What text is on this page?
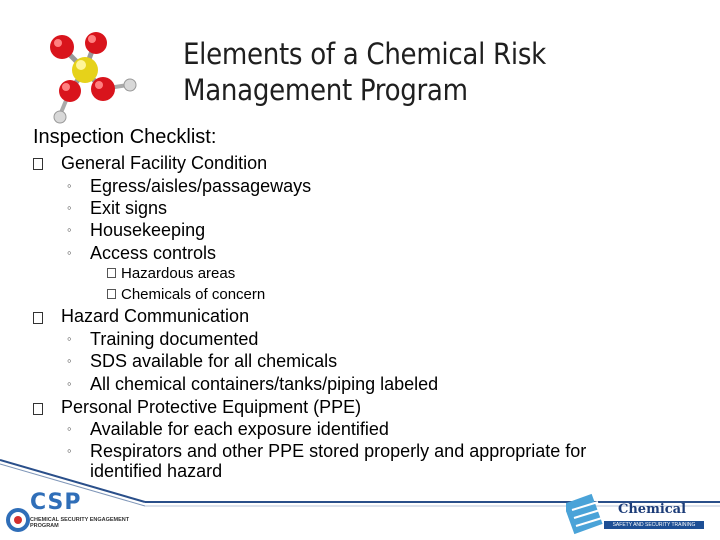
Elements of a Chemical Risk Management Program
Inspection Checklist:
General Facility Condition
◦ Egress/aisles/passageways
◦ Exit signs
◦ Housekeeping
◦ Access controls
Hazardous areas
Chemicals of concern
Hazard Communication
◦ Training documented
◦ SDS available for all chemicals
◦ All chemical containers/tanks/piping labeled
Personal Protective Equipment (PPE)
◦ Available for each exposure identified
◦ Respirators and other PPE stored properly and appropriate for
identified hazard
CSP
CHEMICAL SECURITY ENGAGEMENT PROGRAM
Chemical
SAFETY AND SECURITY TRAINING
